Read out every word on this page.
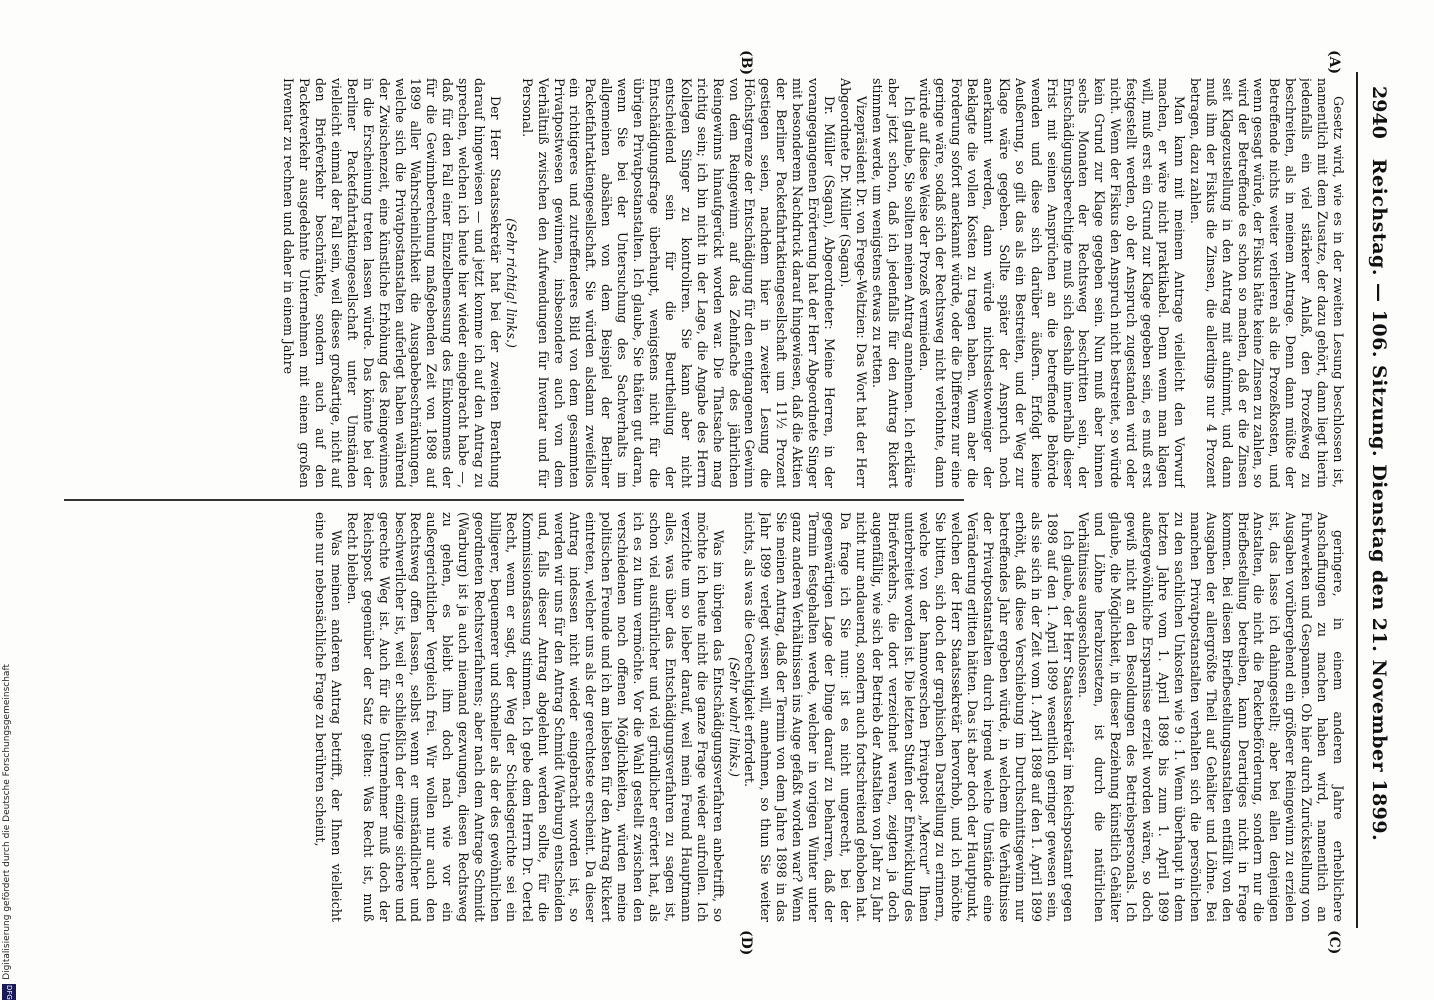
2940
Reichstag. — 106. Sitzung. Dienstag den 21. November 1899.
(A)
(B)
(C)
(D)

Gesetz wird, wie es in der zweiten Lesung beschlossen ist, namentlich mit dem Zusatze, der dazu gehört, dann liegt hierin jedenfalls ein viel stärkerer Anlaß, den Prozeßweg zu beschreiten, als in meinem Antrage. Denn dann müßte der Betreffende nichts weiter verlieren als die Prozeßkosten, und wenn gesagt würde, der Fiskus hätte keine Zinsen zu zahlen, so wird der Betreffende es schon so machen, daß er die Zinsen seit Klagezustellung in den Antrag mit aufnimmt, und dann muß ihm der Fiskus die Zinsen, die allerdings nur 4 Prozent betragen, dazu zahlen.

Man kann mit meinem Antrage vielleicht den Vorwurf machen, er wäre nicht praktikabel. Denn wenn man klagen will, muß erst ein Grund zur Klage gegeben sein, es muß erst festgestellt werden, ob der Anspruch zugestanden wird oder nicht. Wenn der Fiskus den Anspruch nicht bestreitet, so würde kein Grund zur Klage gegeben sein. Nun muß aber binnen sechs Monaten der Rechtsweg beschritten sein, der Entschädigungsberechtigte muß sich deshalb innerhalb dieser Frist mit seinen Ansprüchen an die betreffende Behörde wenden und diese sich darüber äußern. Erfolgt keine Aeußerung, so gilt das als ein Bestreiten, und der Weg zur Klage wäre gegeben. Sollte später der Anspruch noch anerkannt werden, dann würde nichtsdestoweniger der Beklagte die vollen Kosten zu tragen haben. Wenn aber die Forderung sofort anerkannt würde, oder die Differenz nur eine geringe wäre, sodaß sich der Rechtsweg nicht verlohnte, dann würde auf diese Weise der Prozeß vermieden.

Ich glaube, Sie sollten meinen Antrag annehmen. Ich erkläre aber jetzt schon, daß ich jedenfalls für den Antrag Rickert stimmen werde, um wenigstens etwas zu retten.

Vizepräsident Dr. von Frege-Weltzien: Das Wort hat der Herr Abgeordnete Dr. Müller (Sagan).

Dr. Müller (Sagan), Abgeordneter: Meine Herren, in der vorangegangenen Erörterung hat der Herr Abgeordnete Singer mit besonderem Nachdruck darauf hingewiesen, daß die Aktien der Berliner Packetfahrtaktiengesellschaft um 11½ Prozent gestiegen seien, nachdem hier in zweiter Lesung die Höchstgrenze der Entschädigung für den entgangenen Gewinn von dem Reingewinn auf das Zehnfache des jährlichen Reingewinns hinaufgerückt worden war. Die Thatsache mag richtig sein; ich bin nicht in der Lage, die Angabe des Herrn Kollegen Singer zu kontroliren. Sie kann aber nicht entscheidend sein für die Beurtheilung der Entschädigungsfrage überhaupt, wenigstens nicht für die übrigen Privatpostanstalten. Ich glaube, Sie thäten gut daran, wenn Sie bei der Untersuchung des Sachverhalts im allgemeinen absähen von dem Beispiel der Berliner Packetfahrtaktiengesellschaft. Sie würden alsdann zweifellos ein richtigeres und zutreffenderes Bild von dem gesammten Privatpostwesen gewinnen, insbesondere auch von dem Verhältniß zwischen den Aufwendungen für Inventar und für Personal.

(Sehr richtig! links.)

Der Herr Staatssekretär hat bei der zweiten Berathung darauf hingewiesen — und jetzt komme ich auf den Antrag zu sprechen, welchen ich heute hier wieder eingebracht habe —, daß für den Fall einer Einzelbemessung des Einkommens der für die Gewinnberechnung maßgebenden Zeit von 1898 auf 1899 aller Wahrscheinlichkeit die Ausgabebeschränkungen, welche sich die Privatpostanstalten auferlegt haben während der Zwischenzeit, eine künstliche Erhöhung des Reingewinnes in die Erscheinung treten lassen würde. Das könnte bei der Berliner Packetfahrtaktiengesellschaft unter Umständen vielleicht einmal der Fall sein, weil dieses großartige, nicht auf den Briefverkehr beschränkte, sondern auch auf den Packetverkehr ausgedehnte Unternehmen mit einem großen Inventar zu rechnen und daher in einem Jahre

geringere, in einem anderen Jahre erheblichere Anschaffungen zu machen haben wird, namentlich an Fuhrwerken und Gespannen. Ob hier durch Zurückstellung von Ausgaben vorübergehend ein größerer Reingewinn zu erzielen ist, das lasse ich dahingestellt; aber bei allen denjenigen Anstalten, die nicht die Packetbeförderung, sondern nur die Briefbestellung betreiben, kann Derartiges nicht in Frage kommen. Bei diesen Briefbestellungsanstalten entfällt von den Ausgaben der allergrößte Theil auf Gehälter und Löhne. Bei manchen Privatpostanstalten verhalten sich die persönlichen zu den sachlichen Unkosten wie 9 : 1. Wenn überhaupt in dem letzten Jahre vom 1. April 1898 bis zum 1. April 1899 außergewöhnliche Ersparnisse erzielt worden wären, so doch gewiß nicht an den Besoldungen des Betriebspersonals. Ich glaube, die Möglichkeit, in dieser Beziehung künstlich Gehälter und Löhne herabzusetzen, ist durch die natürlichen Verhältnisse ausgeschlossen.

Ich glaube, der Herr Staatssekretär im Reichspostamt gegen 1898 auf den 1. April 1899 wesentlich geringer gewesen sein, als sie sich in der Zeit vom 1. April 1898 auf den 1. April 1899 erhöht, daß diese Verschiebung im Durchschnittsgewinn nur betreffendes Jahr ergeben würde, in welchem die Verhältnisse der Privatpostanstalten durch irgend welche Umstände eine Veränderung erlitten hätten. Das ist aber doch der Hauptpunkt, welchen der Herr Staatssekretär hervorhob, und ich möchte Sie bitten, sich doch der graphischen Darstellung zu erinnern, welche von der hannoverschen Privatpost „Mercur“ Ihnen unterbreitet worden ist. Die letzten Stufen der Entwicklung des Briefverkehrs, die dort verzeichnet waren, zeigten ja doch augenfällig, wie sich der Betrieb der Anstalten von Jahr zu Jahr nicht nur andauernd, sondern auch fortschreitend gehoben hat. Da frage ich Sie nun: ist es nicht ungerecht, bei der gegenwärtigen Lage der Dinge darauf zu beharren, daß der Termin festgehalten werde, welcher in vorigen Winter unter ganz anderen Verhältnissen ins Auge gefaßt worden war? Wenn Sie meinen Antrag, daß der Termin von dem Jahre 1898 in das Jahr 1899 verlegt wissen will, annehmen, so thun Sie weiter nichts, als was die Gerechtigkeit erfordert.

(Sehr wahr! links.)

Was im übrigen das Entschädigungsverfahren anbetrifft, so möchte ich heute nicht die ganze Frage wieder aufrollen. Ich verzichte um so lieber darauf, weil mein Freund Hauptmann alles, was über das Entschädigungsverfahren zu sagen ist, schon viel ausführlicher und viel gründlicher erörtert hat, als ich es zu thun vermöchte. Vor die Wahl gestellt zwischen den verschiedenen noch offenen Möglichkeiten, würden meine politischen Freunde und ich am liebsten für den Antrag Rickert eintreten, welcher uns als der gerechteste erscheint. Da dieser Antrag indessen nicht wieder eingebracht worden ist, so werden wir uns für den Antrag Schmidt (Warburg) entscheiden und, falls dieser Antrag abgelehnt werden sollte, für die Kommissionsfassung stimmen. Ich gebe dem Herrn Dr. Oertel Recht, wenn er sagt, der Weg der Schiedsgerichte sei ein billigerer, bequemerer und schneller als der des gewöhnlichen geordneten Rechtsverfahrens; aber nach dem Antrage Schmidt (Warburg) ist ja auch niemand gezwungen, diesen Rechtsweg zu gehen, es bleibt ihm doch nach wie vor ein außergerichtlicher Vergleich frei. Wir wollen nur auch den Rechtsweg offen lassen, selbst wenn er umständlicher und beschwerlicher ist, weil er schließlich der einzige sichere und gerechte Weg ist. Auch für die Unternehmer muß doch der Reichspost gegenüber der Satz gelten: Was Recht ist, muß Recht bleiben.

Was meinen anderen Antrag betrifft, der Ihnen vielleicht eine nur nebensächliche Frage zu berühren scheint,

Digitalisierung gefördert durch die Deutsche Forschungsgemeinschaft
DFG
